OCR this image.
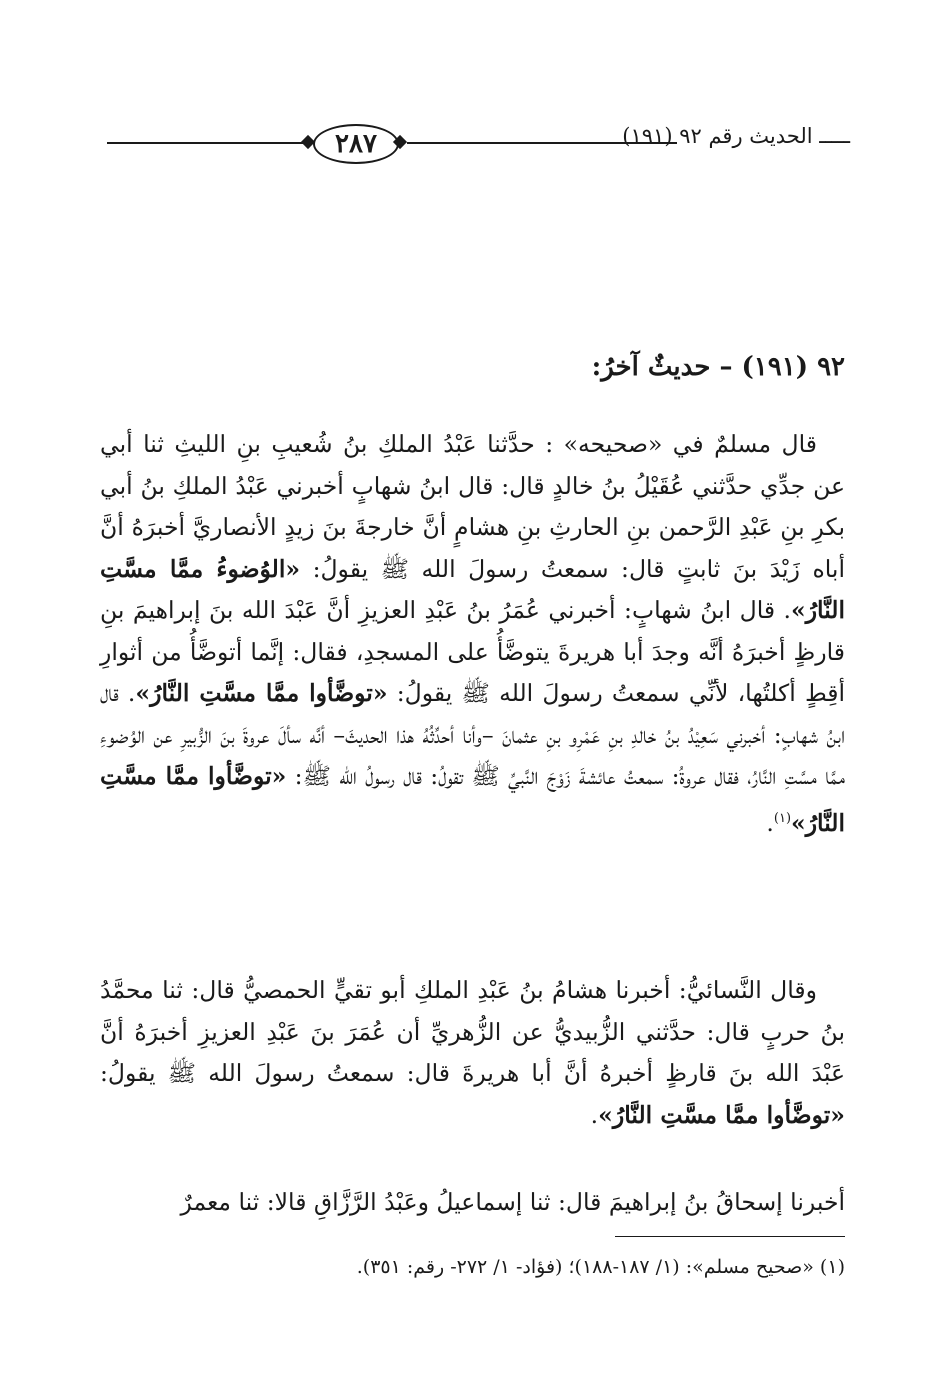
٢٨٧	ـــــ الحديث رقم ٩٢ (١٩١)
٩٢ (١٩١) – حديثٌ آخرُ:
قال مسلمٌ في «صحيحه» : حدَّثنا عَبْدُ الملكِ بنُ شُعيبِ بنِ الليثِ ثنا أبي عن جدِّي حدَّثني عُقَيْلُ بنُ خالدٍ قال: قال ابنُ شهابٍ أخبرني عَبْدُ الملكِ بنُ أبي بكرِ بنِ عَبْدِ الرَّحمن بنِ الحارثِ بنِ هشامٍ أنَّ خارجةَ بنَ زيدٍ الأنصاريَّ أخبرَهُ أنَّ أباه زَيْدَ بنَ ثابتٍ قال: سمعتُ رسولَ الله ﷺ يقولُ: «الوُضوءُ ممَّا مسَّتِ النَّارُ». قال ابنُ شهابٍ: أخبرني عُمَرُ بنُ عَبْدِ العزيزِ أنَّ عَبْدَ الله بنَ إبراهيمَ بنِ قارظٍ أخبرَهُ أنَّه وجدَ أبا هريرةَ يتوضَّأُ على المسجدِ، فقال: إنَّما أتوضَّأُ من أثوارِ أقِطٍ أكلتُها، لأنِّي سمعتُ رسولَ الله ﷺ يقولُ: «توضَّأوا ممَّا مسَّتِ النَّارُ». قال ابنُ شهابٍ: أخبرني سَعِيْدُ بنُ خالدِ بنِ عَمْرِو بنِ عثمانَ –وأنا أحدِّثُهُ هذا الحديثَ– أنَّه سألَ عروةَ بنَ الزُّبيرِ عن الوُضوءِ ممَّا مسَّتِ النَّارُ، فقال عروةُ: سمعتُ عائشةَ زَوْجَ النَّبيِّ ﷺ تقولُ: قال رسولُ الله ﷺ: «توضَّأوا ممَّا مسَّتِ النَّارُ»$^{(١)}$.
وقال النَّسائيُّ: أخبرنا هشامُ بنُ عَبْدِ الملكِ أبو تقيٍّ الحمصيُّ قال: ثنا محمَّدُ بنُ حربٍ قال: حدَّثني الزُّبيديُّ عن الزُّهريِّ أن عُمَرَ بنَ عَبْدِ العزيزِ أخبرَهُ أنَّ عَبْدَ الله بنَ قارظٍ أخبرهُ أنَّ أبا هريرةَ قال: سمعتُ رسولَ الله ﷺ يقولُ: «توضَّأوا ممَّا مسَّتِ النَّارُ».
أخبرنا إسحاقُ بنُ إبراهيمَ قال: ثنا إسماعيلُ وعَبْدُ الرَّزَّاقِ قالا: ثنا معمرٌ
(١) «صحيح مسلم»: (١/ ١٨٧-١٨٨)؛ (فؤاد- ١/ ٢٧٢- رقم: ٣٥١).
